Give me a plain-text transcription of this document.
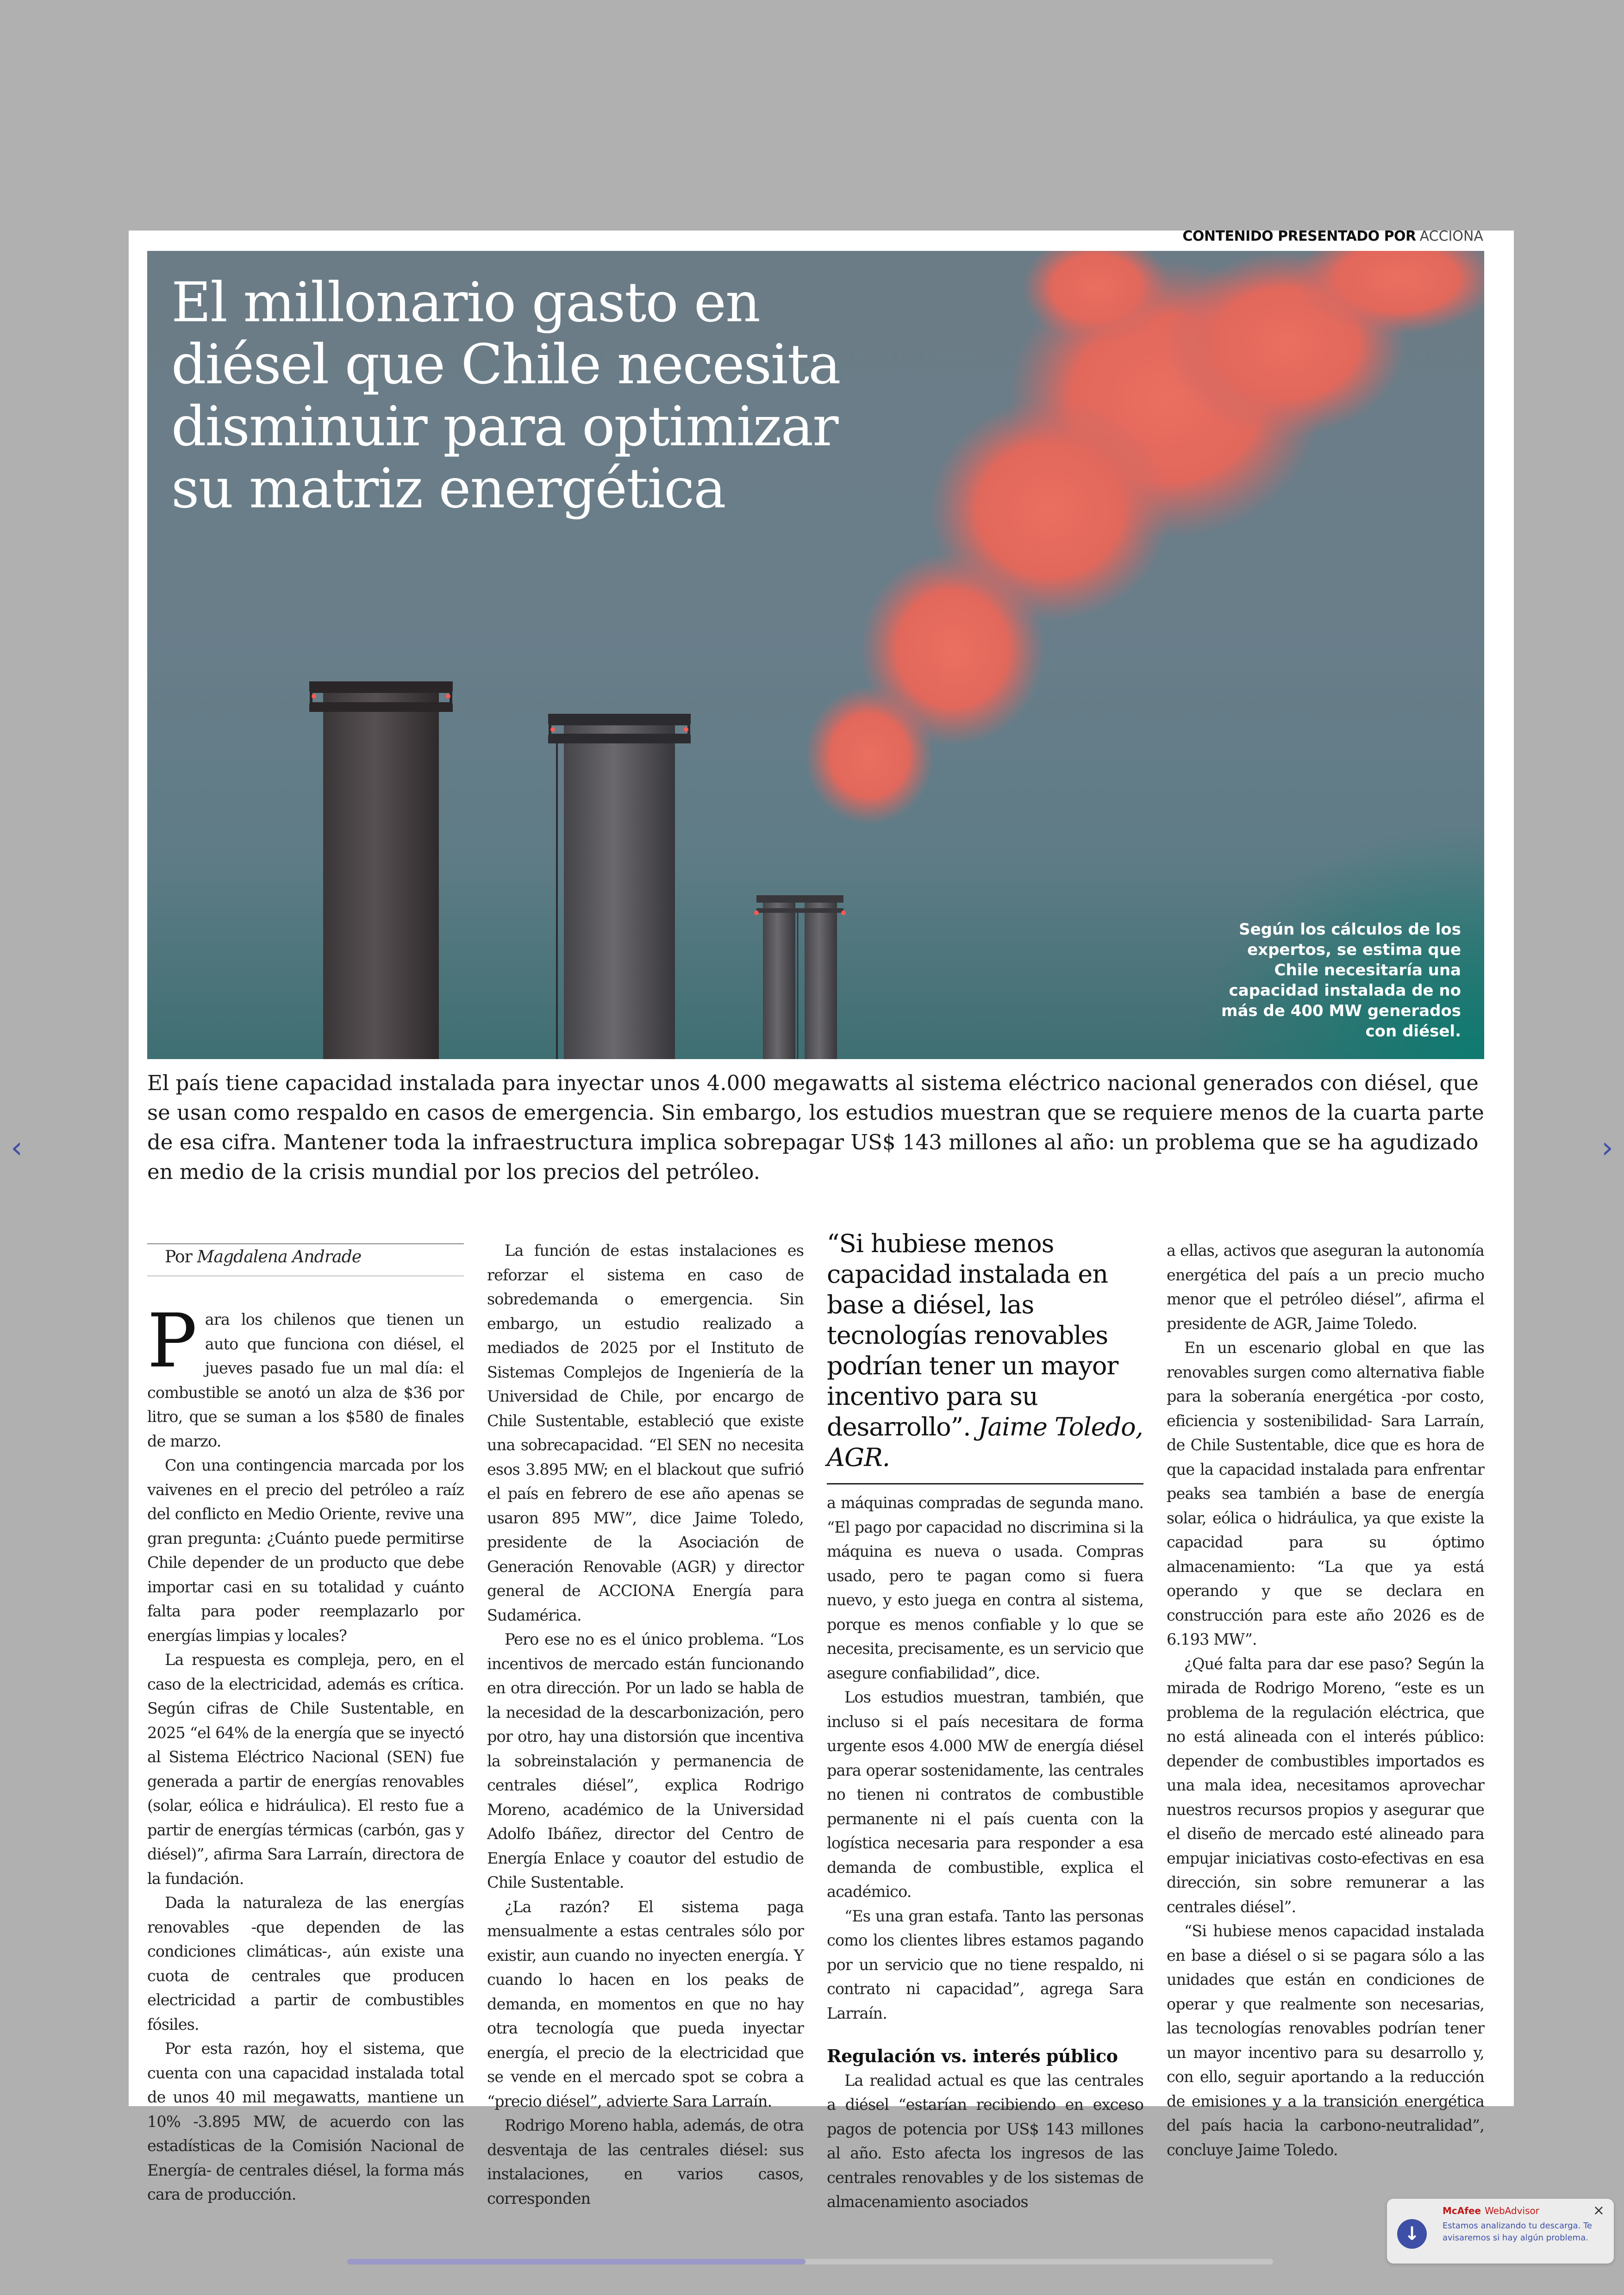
‹	›
CONTENIDO PRESENTADO POR ACCIONA
El millonario gasto en diésel que Chile necesita disminuir para optimizar su matriz energética
Según los cálculos de los expertos, se estima que Chile necesitaría una capacidad instalada de no más de 400 MW generados con diésel.

El país tiene capacidad instalada para inyectar unos 4.000 megawatts al sistema eléctrico nacional generados con diésel, que se usan como respaldo en casos de emergencia. Sin embargo, los estudios muestran que se requiere menos de la cuarta parte de esa cifra. Mantener toda la infraestructura implica sobrepagar US$ 143 millones al año: un problema que se ha agudizado en medio de la crisis mundial por los precios del petróleo.

Por Magdalena Andrade

Para los chilenos que tienen un auto que funciona con diésel, el jueves pasado fue un mal día: el combustible se anotó un alza de $36 por litro, que se suman a los $580 de finales de marzo.

Con una contingencia marcada por los vaivenes en el precio del petróleo a raíz del conflicto en Medio Oriente, revive una gran pregunta: ¿Cuánto puede permitirse Chile depender de un producto que debe importar casi en su totalidad y cuánto falta para poder reemplazarlo por energías limpias y locales?

La respuesta es compleja, pero, en el caso de la electricidad, además es crítica. Según cifras de Chile Sustentable, en 2025 “el 64% de la energía que se inyectó al Sistema Eléctrico Nacional (SEN) fue generada a partir de energías renovables (solar, eólica e hidráulica). El resto fue a partir de energías térmicas (carbón, gas y diésel)”, afirma Sara Larraín, directora de la fundación.

Dada la naturaleza de las energías renovables -que dependen de las condiciones climáticas-, aún existe una cuota de centrales que producen electricidad a partir de combustibles fósiles.

Por esta razón, hoy el sistema, que cuenta con una capacidad instalada total de unos 40 mil megawatts, mantiene un 10% -3.895 MW, de acuerdo con las estadísticas de la Comisión Nacional de Energía- de centrales diésel, la forma más cara de producción.

La función de estas instalaciones es reforzar el sistema en caso de sobredemanda o emergencia. Sin embargo, un estudio realizado a mediados de 2025 por el Instituto de Sistemas Complejos de Ingeniería de la Universidad de Chile, por encargo de Chile Sustentable, estableció que existe una sobrecapacidad. “El SEN no necesita esos 3.895 MW; en el blackout que sufrió el país en febrero de ese año apenas se usaron 895 MW”, dice Jaime Toledo, presidente de la Asociación de Generación Renovable (AGR) y director general de ACCIONA Energía para Sudamérica.

Pero ese no es el único problema. “Los incentivos de mercado están funcionando en otra dirección. Por un lado se habla de la necesidad de la descarbonización, pero por otro, hay una distorsión que incentiva la sobreinstalación y permanencia de centrales diésel”, explica Rodrigo Moreno, académico de la Universidad Adolfo Ibáñez, director del Centro de Energía Enlace y coautor del estudio de Chile Sustentable.

¿La razón? El sistema paga mensualmente a estas centrales sólo por existir, aun cuando no inyecten energía. Y cuando lo hacen en los peaks de demanda, en momentos en que no hay otra tecnología que pueda inyectar energía, el precio de la electricidad que se vende en el mercado spot se cobra a “precio diésel”, advierte Sara Larraín.

Rodrigo Moreno habla, además, de otra desventaja de las centrales diésel: sus instalaciones, en varios casos, corresponden

“Si hubiese menos capacidad instalada en base a diésel, las tecnologías renovables podrían tener un mayor incentivo para su desarrollo”. Jaime Toledo, AGR.

a máquinas compradas de segunda mano. “El pago por capacidad no discrimina si la máquina es nueva o usada. Compras usado, pero te pagan como si fuera nuevo, y esto juega en contra al sistema, porque es menos confiable y lo que se necesita, precisamente, es un servicio que asegure confiabilidad”, dice.

Los estudios muestran, también, que incluso si el país necesitara de forma urgente esos 4.000 MW de energía diésel para operar sostenidamente, las centrales no tienen ni contratos de combustible permanente ni el país cuenta con la logística necesaria para responder a esa demanda de combustible, explica el académico.

“Es una gran estafa. Tanto las personas como los clientes libres estamos pagando por un servicio que no tiene respaldo, ni contrato ni capacidad”, agrega Sara Larraín.

Regulación vs. interés público

La realidad actual es que las centrales a diésel “estarían recibiendo en exceso pagos de potencia por US$ 143 millones al año. Esto afecta los ingresos de las centrales renovables y de los sistemas de almacenamiento asociados

a ellas, activos que aseguran la autonomía energética del país a un precio mucho menor que el petróleo diésel”, afirma el presidente de AGR, Jaime Toledo.

En un escenario global en que las renovables surgen como alternativa fiable para la soberanía energética -por costo, eficiencia y sostenibilidad- Sara Larraín, de Chile Sustentable, dice que es hora de que la capacidad instalada para enfrentar peaks sea también a base de energía solar, eólica o hidráulica, ya que existe la capacidad para su óptimo almacenamiento: “La que ya está operando y que se declara en construcción para este año 2026 es de 6.193 MW”.

¿Qué falta para dar ese paso? Según la mirada de Rodrigo Moreno, “este es un problema de la regulación eléctrica, que no está alineada con el interés público: depender de combustibles importados es una mala idea, necesitamos aprovechar nuestros recursos propios y asegurar que el diseño de mercado esté alineado para empujar iniciativas costo-efectivas en esa dirección, sin sobre remunerar a las centrales diésel”.

“Si hubiese menos capacidad instalada en base a diésel o si se pagara sólo a las unidades que están en condiciones de operar y que realmente son necesarias, las tecnologías renovables podrían tener un mayor incentivo para su desarrollo y, con ello, seguir aportando a la reducción de emisiones y a la transición energética del país hacia la carbono-neutralidad”, concluye Jaime Toledo.

↓
McAfee WebAdvisor	×
Estamos analizando tu descarga. Te avisaremos si hay algún problema.
